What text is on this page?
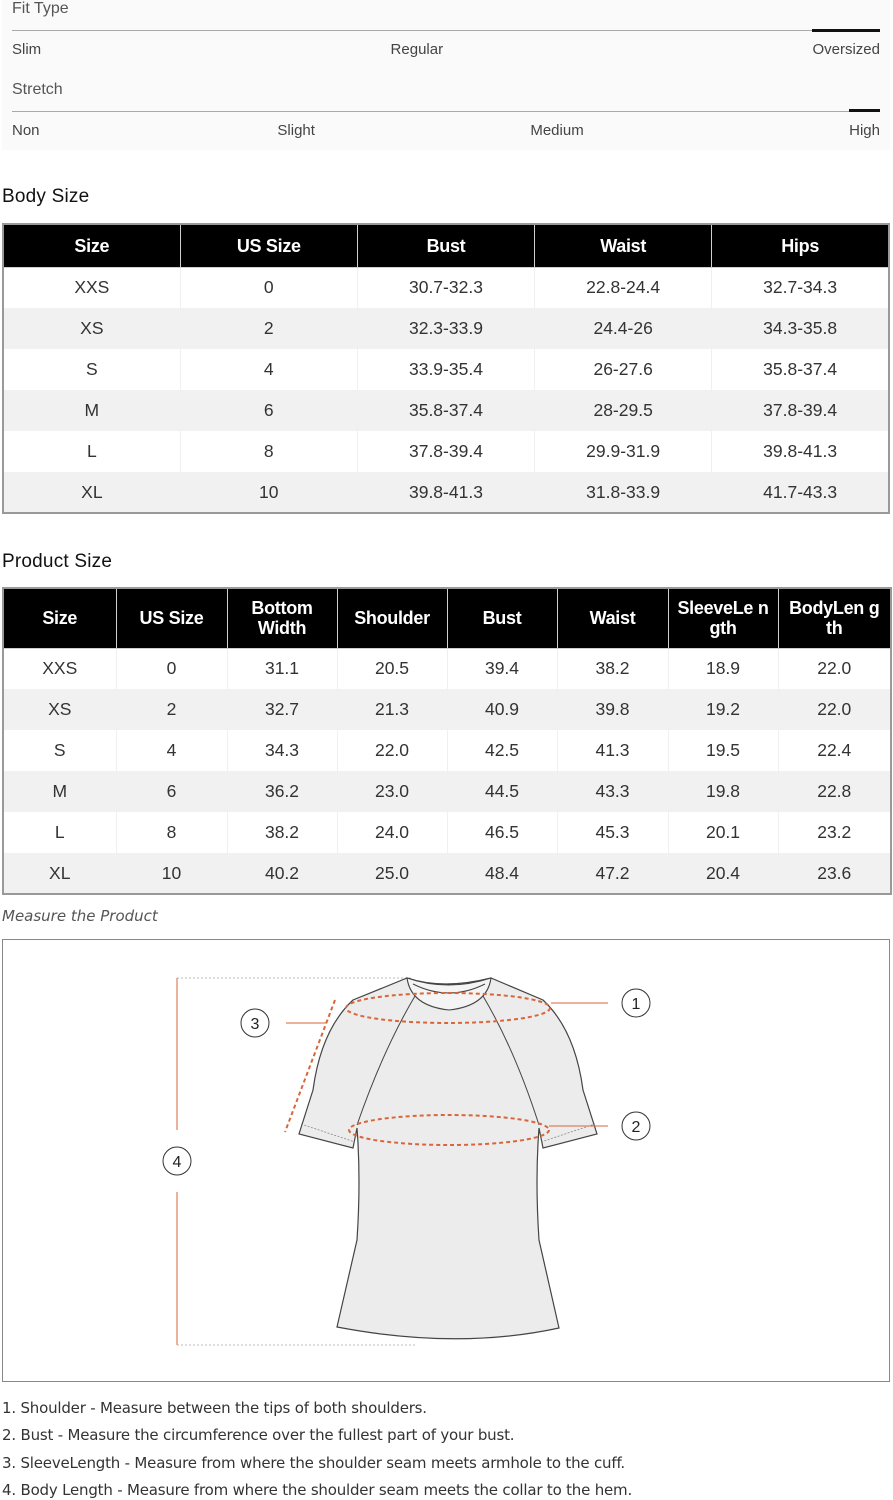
Fit Type
Slim	Regular	Oversized
Stretch
Non	Slight	Medium	High
Body Size
Size	US Size	Bust	Waist	Hips
XXS	0	30.7-32.3	22.8-24.4	32.7-34.3
XS	2	32.3-33.9	24.4-26	34.3-35.8
S	4	33.9-35.4	26-27.6	35.8-37.4
M	6	35.8-37.4	28-29.5	37.8-39.4
L	8	37.8-39.4	29.9-31.9	39.8-41.3
XL	10	39.8-41.3	31.8-33.9	41.7-43.3
Product Size
Size	US Size	Bottom Width	Shoulder	Bust	Waist	SleeveLe ngth	BodyLen gth
XXS	0	31.1	20.5	39.4	38.2	18.9	22.0
XS	2	32.7	21.3	40.9	39.8	19.2	22.0
S	4	34.3	22.0	42.5	41.3	19.5	22.4
M	6	36.2	23.0	44.5	43.3	19.8	22.8
L	8	38.2	24.0	46.5	45.3	20.1	23.2
XL	10	40.2	25.0	48.4	47.2	20.4	23.6
Measure the Product
1
2
3
4
1. Shoulder - Measure between the tips of both shoulders.
2. Bust - Measure the circumference over the fullest part of your bust.
3. SleeveLength - Measure from where the shoulder seam meets armhole to the cuff.
4. Body Length - Measure from where the shoulder seam meets the collar to the hem.
